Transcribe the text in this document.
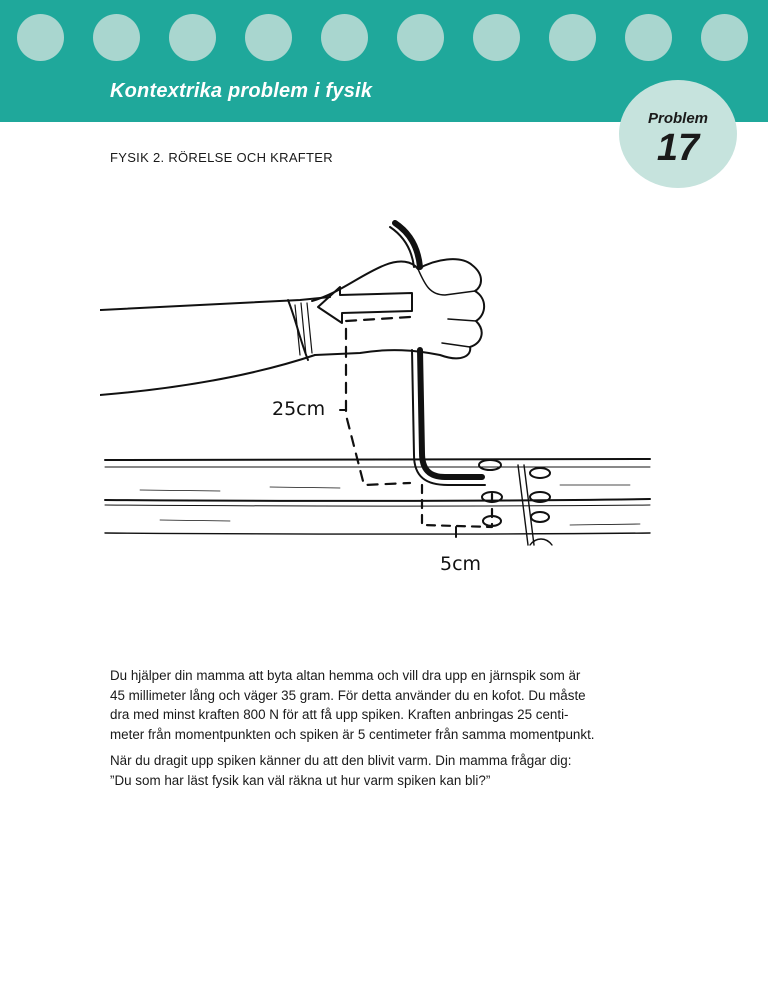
Kontextrika problem i fysik
Problem
17
FYSIK 2. RÖRELSE OCH KRAFTER
25cm
5cm

Du hjälper din mamma att byta altan hemma och vill dra upp en järnspik som är
45 millimeter lång och väger 35 gram. För detta använder du en kofot. Du måste
dra med minst kraften 800 N för att få upp spiken. Kraften anbringas 25 centi-
meter från momentpunkten och spiken är 5 centimeter från samma momentpunkt.

När du dragit upp spiken känner du att den blivit varm. Din mamma frågar dig:
”Du som har läst fysik kan väl räkna ut hur varm spiken kan bli?”
